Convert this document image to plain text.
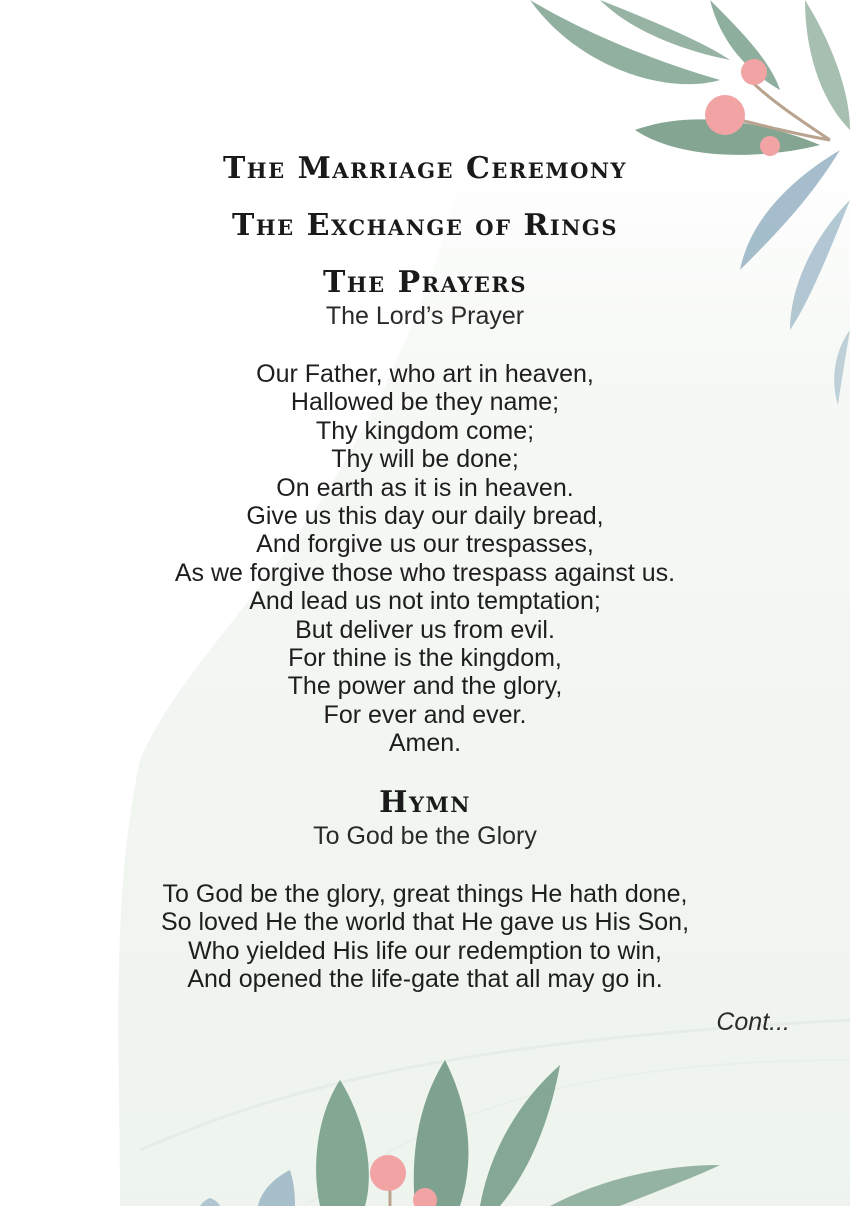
The Marriage Ceremony
The Exchange of Rings
The Prayers
The Lord’s Prayer
Our Father, who art in heaven,
Hallowed be they name;
Thy kingdom come;
Thy will be done;
On earth as it is in heaven.
Give us this day our daily bread,
And forgive us our trespasses,
As we forgive those who trespass against us.
And lead us not into temptation;
But deliver us from evil.
For thine is the kingdom,
The power and the glory,
For ever and ever.
Amen.
Hymn
To God be the Glory
To God be the glory, great things He hath done,
So loved He the world that He gave us His Son,
Who yielded His life our redemption to win,
And opened the life-gate that all may go in.
Cont...
